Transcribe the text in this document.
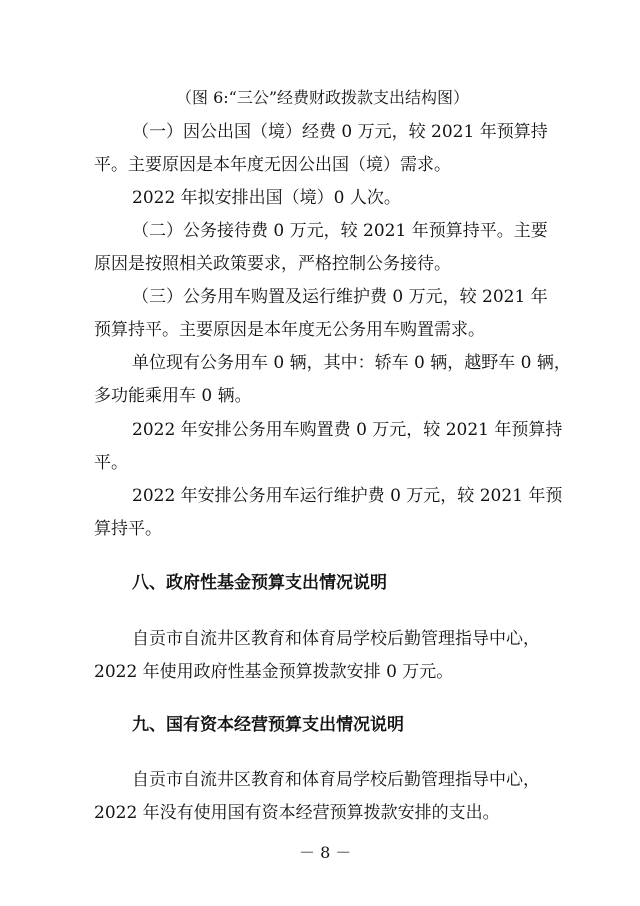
（图 6:“三公”经费财政拨款支出结构图）
（一）因公出国（境）经费 0 万元，较 2021 年预算持
平。主要原因是本年度无因公出国（境）需求。
2022 年拟安排出国（境）0 人次。
（二）公务接待费 0 万元，较 2021 年预算持平。主要
原因是按照相关政策要求，严格控制公务接待。
（三）公务用车购置及运行维护费 0 万元，较 2021 年
预算持平。主要原因是本年度无公务用车购置需求。
单位现有公务用车 0 辆，其中：轿车 0 辆，越野车 0 辆，
多功能乘用车 0 辆。
2022 年安排公务用车购置费 0 万元，较 2021 年预算持
平。
2022 年安排公务用车运行维护费 0 万元，较 2021 年预
算持平。
八、政府性基金预算支出情况说明
自贡市自流井区教育和体育局学校后勤管理指导中心，
2022 年使用政府性基金预算拨款安排 0 万元。
九、国有资本经营预算支出情况说明
自贡市自流井区教育和体育局学校后勤管理指导中心，
2022 年没有使用国有资本经营预算拨款安排的支出。
－ 8 －
